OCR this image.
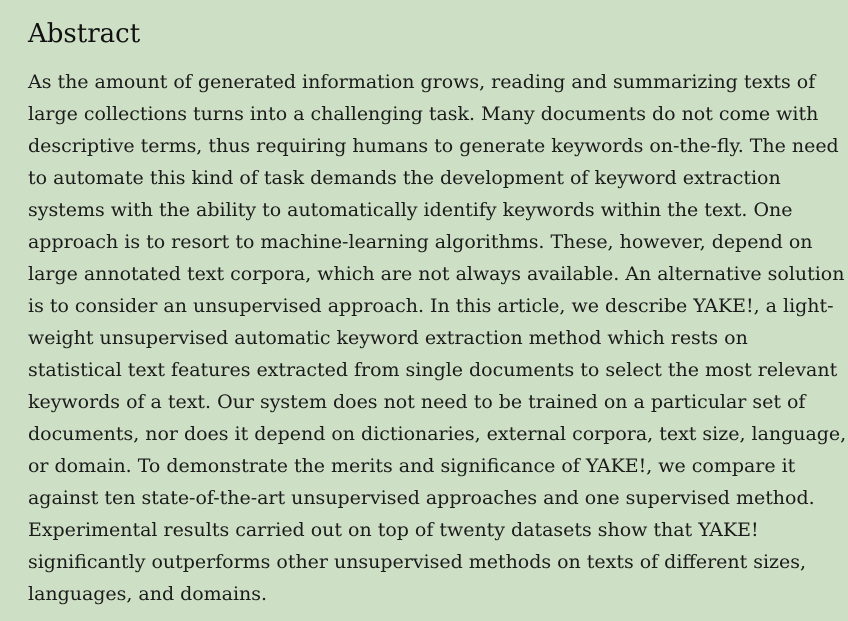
Abstract

As the amount of generated information grows, reading and summarizing texts of
large collections turns into a challenging task. Many documents do not come with
descriptive terms, thus requiring humans to generate keywords on-the-fly. The need
to automate this kind of task demands the development of keyword extraction
systems with the ability to automatically identify keywords within the text. One
approach is to resort to machine-learning algorithms. These, however, depend on
large annotated text corpora, which are not always available. An alternative solution
is to consider an unsupervised approach. In this article, we describe YAKE!, a light-
weight unsupervised automatic keyword extraction method which rests on
statistical text features extracted from single documents to select the most relevant
keywords of a text. Our system does not need to be trained on a particular set of
documents, nor does it depend on dictionaries, external corpora, text size, language,
or domain. To demonstrate the merits and significance of YAKE!, we compare it
against ten state-of-the-art unsupervised approaches and one supervised method.
Experimental results carried out on top of twenty datasets show that YAKE!
significantly outperforms other unsupervised methods on texts of different sizes,
languages, and domains.
